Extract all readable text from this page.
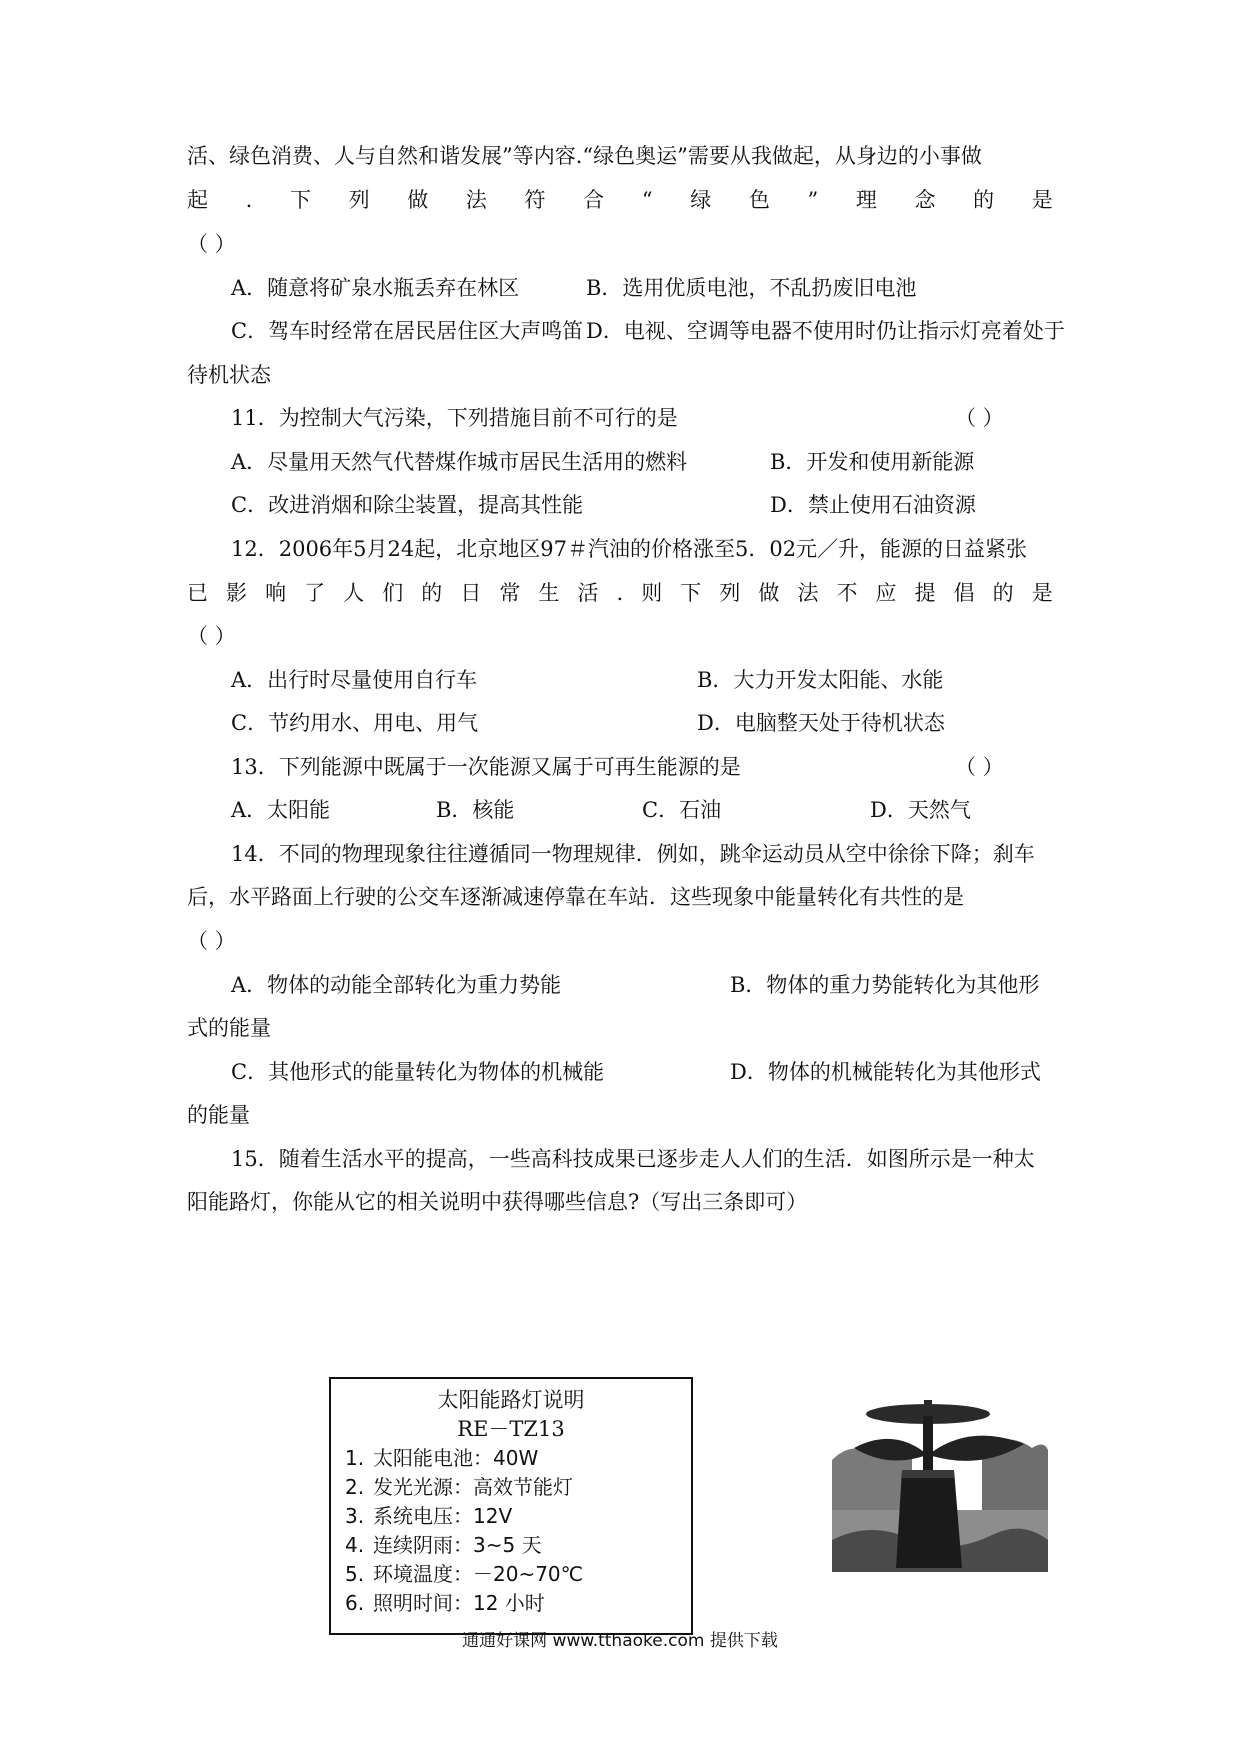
活、绿色消费、人与自然和谐发展”等内容.“绿色奥运”需要从我做起，从身边的小事做
起 . 下 列 做 法 符 合 “ 绿 色 ” 理 念 的 是
（ ）
A．随意将矿泉水瓶丢弃在林区	B．选用优质电池，不乱扔废旧电池
C．驾车时经常在居民居住区大声鸣笛 D．电视、空调等电器不使用时仍让指示灯亮着处于
待机状态
11．为控制大气污染，下列措施目前不可行的是	（ ）
A．尽量用天然气代替煤作城市居民生活用的燃料	B．开发和使用新能源
C．改进消烟和除尘装置，提高其性能	D．禁止使用石油资源
12．2006年5月24起，北京地区97＃汽油的价格涨至5．02元／升，能源的日益紧张
已 影 响 了 人 们 的 日 常 生 活 . 则 下 列 做 法 不 应 提 倡 的 是
（ ）
A．出行时尽量使用自行车	B．大力开发太阳能、水能
C．节约用水、用电、用气	D．电脑整天处于待机状态
13．下列能源中既属于一次能源又属于可再生能源的是	（ ）
A．太阳能	B．核能	C．石油	D．天然气
14．不同的物理现象往往遵循同一物理规律．例如，跳伞运动员从空中徐徐下降；刹车
后，水平路面上行驶的公交车逐渐减速停靠在车站．这些现象中能量转化有共性的是
（ ）
A．物体的动能全部转化为重力势能	B．物体的重力势能转化为其他形
式的能量
C．其他形式的能量转化为物体的机械能	D．物体的机械能转化为其他形式
的能量
15．随着生活水平的提高，一些高科技成果已逐步走人人们的生活．如图所示是一种太
阳能路灯，你能从它的相关说明中获得哪些信息?（写出三条即可）
太阳能路灯说明
RE－TZ13
1. 太阳能电池：40W
2. 发光光源：高效节能灯
3. 系统电压：12V
4. 连续阴雨：3~5 天
5. 环境温度：－20~70℃
6. 照明时间：12 小时
通通好课网 www.tthaoke.com 提供下载
